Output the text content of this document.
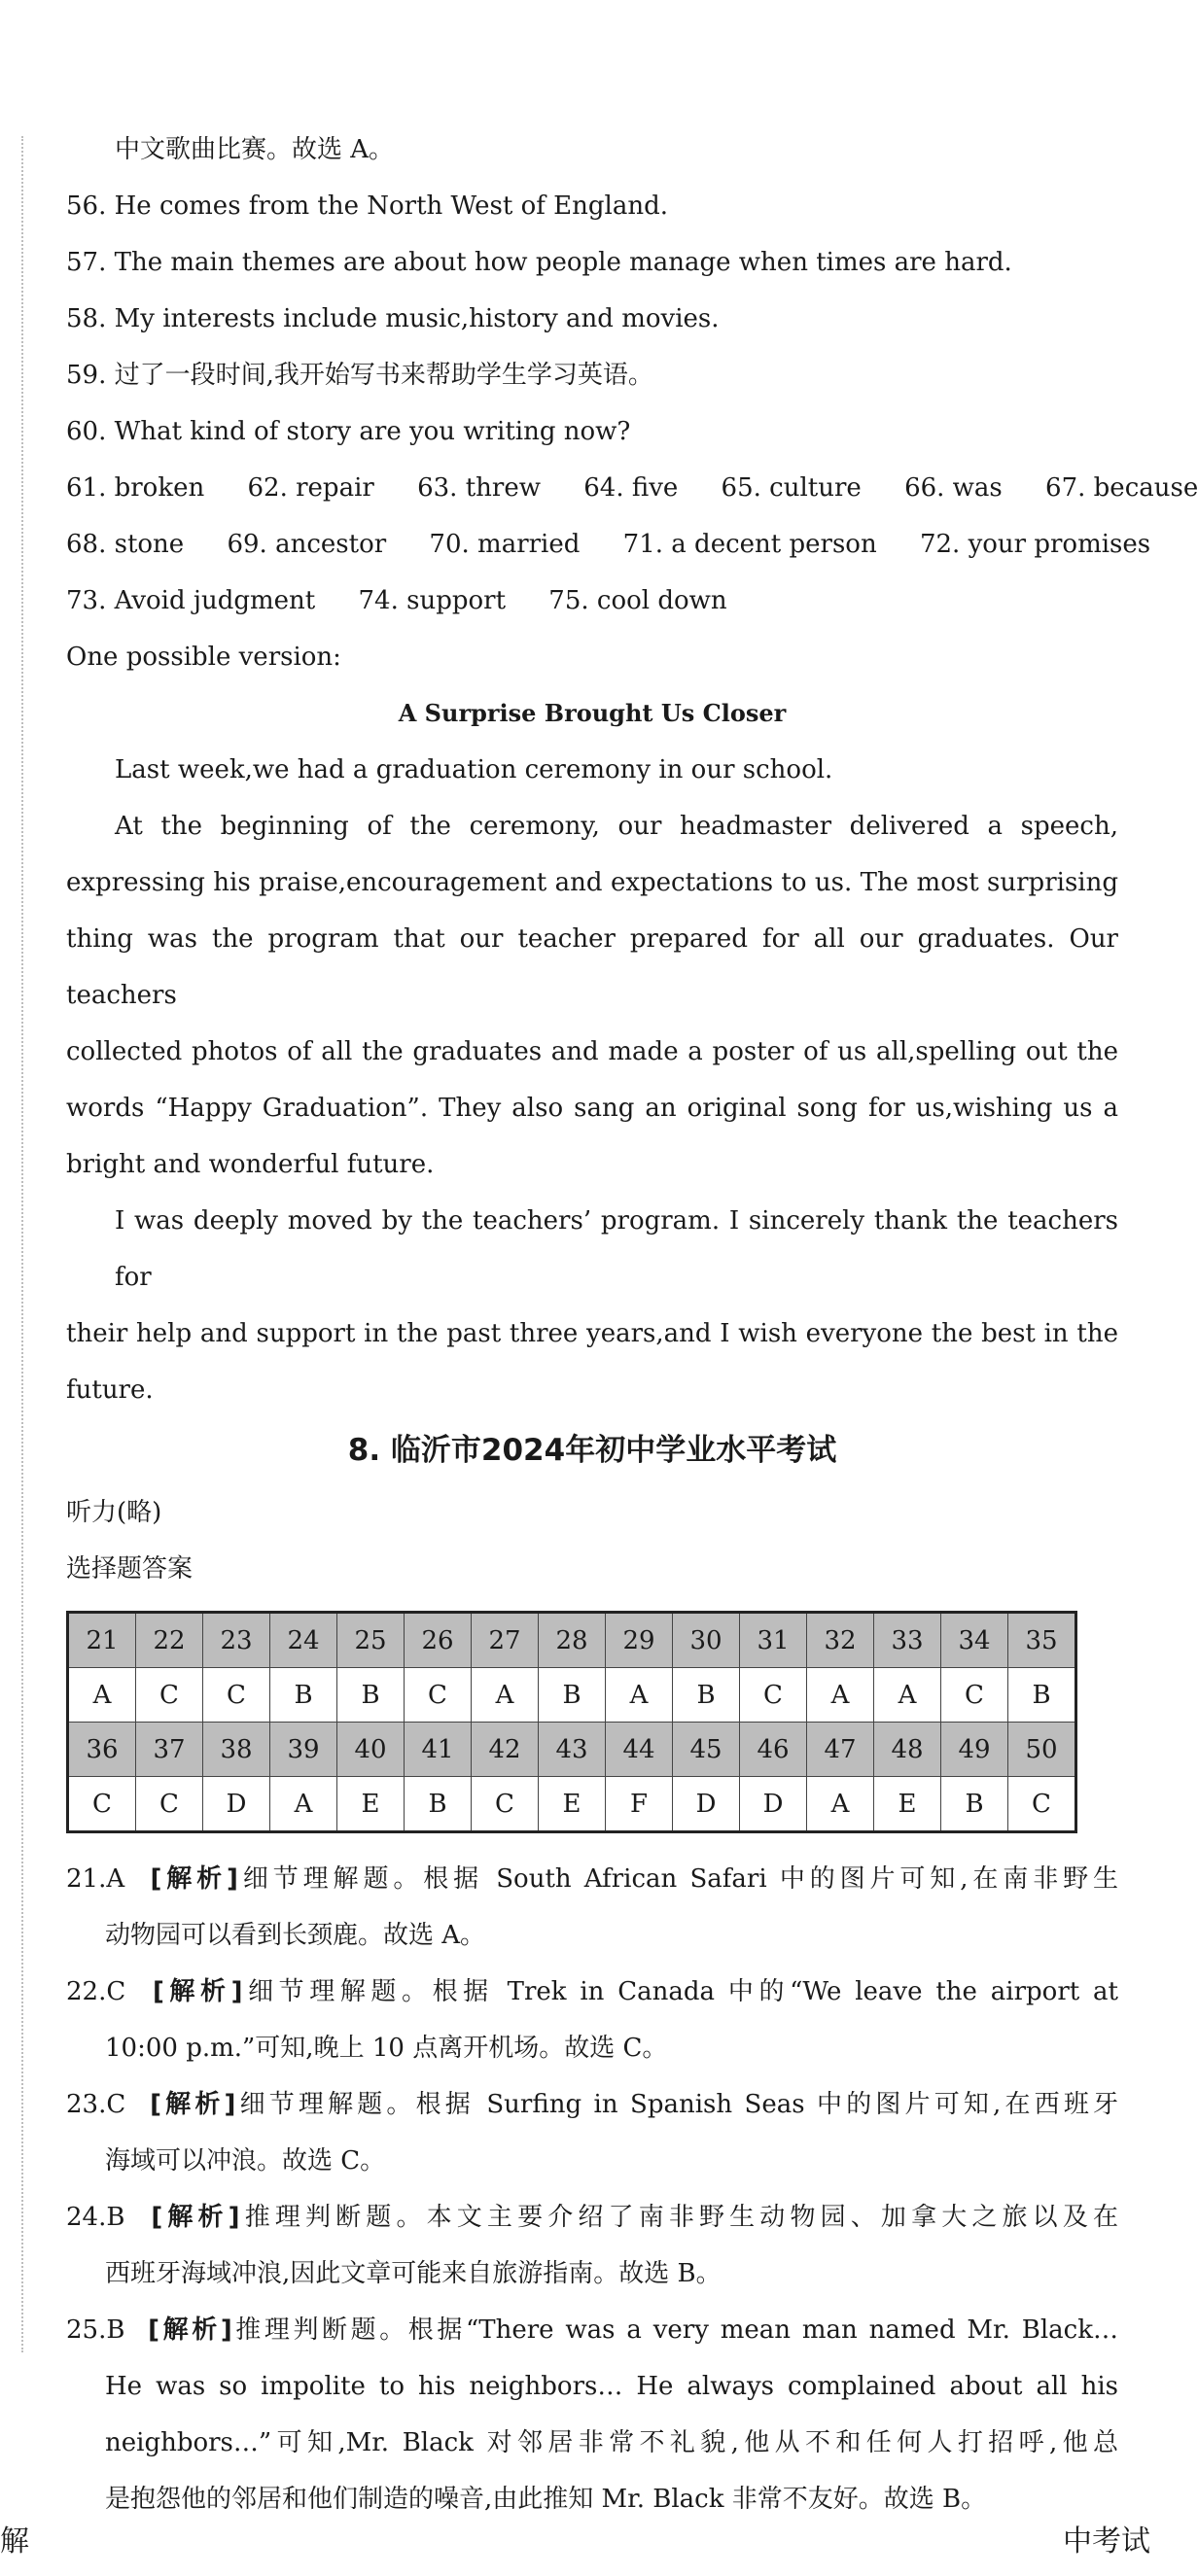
中文歌曲比赛。故选 A。
56. He comes from the North West of England.
57. The main themes are about how people manage when times are hard.
58. My interests include music,history and movies.
59. 过了一段时间,我开始写书来帮助学生学习英语。
60. What kind of story are you writing now?
61. broken 62. repair 63. threw 64. five 65. culture 66. was 67. because
68. stone 69. ancestor 70. married 71. a decent person 72. your promises
73. Avoid judgment 74. support 75. cool down
One possible version:
A Surprise Brought Us Closer
Last week,we had a graduation ceremony in our school.
At the beginning of the ceremony, our headmaster delivered a speech,
expressing his praise,encouragement and expectations to us. The most surprising
thing was the program that our teacher prepared for all our graduates. Our teachers
collected photos of all the graduates and made a poster of us all,spelling out the
words “Happy Graduation”. They also sang an original song for us,wishing us a
bright and wonderful future.
I was deeply moved by the teachers’ program. I sincerely thank the teachers for
their help and support in the past three years,and I wish everyone the best in the
future.
8. 临沂市2024年初中学业水平考试
听力(略)
选择题答案
21	22	23	24	25	26	27	28	29	30	31	32	33	34	35
A	C	C	B	B	C	A	B	A	B	C	A	A	C	B
36	37	38	39	40	41	42	43	44	45	46	47	48	49	50
C	C	D	A	E	B	C	E	F	D	D	A	E	B	C
21.A [解析]细节理解题。根据 South African Safari 中的图片可知,在南非野生
动物园可以看到长颈鹿。故选 A。
22.C [解析]细节理解题。根据 Trek in Canada 中的“We leave the airport at
10:00 p.m.”可知,晚上 10 点离开机场。故选 C。
23.C [解析]细节理解题。根据 Surfing in Spanish Seas 中的图片可知,在西班牙
海域可以冲浪。故选 C。
24.B [解析]推理判断题。本文主要介绍了南非野生动物园、加拿大之旅以及在
西班牙海域冲浪,因此文章可能来自旅游指南。故选 B。
25.B [解析]推理判断题。根据“There was a very mean man named Mr. Black…
He was so impolite to his neighbors… He always complained about all his
neighbors…”可知,Mr. Black 对邻居非常不礼貌,他从不和任何人打招呼,他总
是抱怨他的邻居和他们制造的噪音,由此推知 Mr. Black 非常不友好。故选 B。
解	中考试
